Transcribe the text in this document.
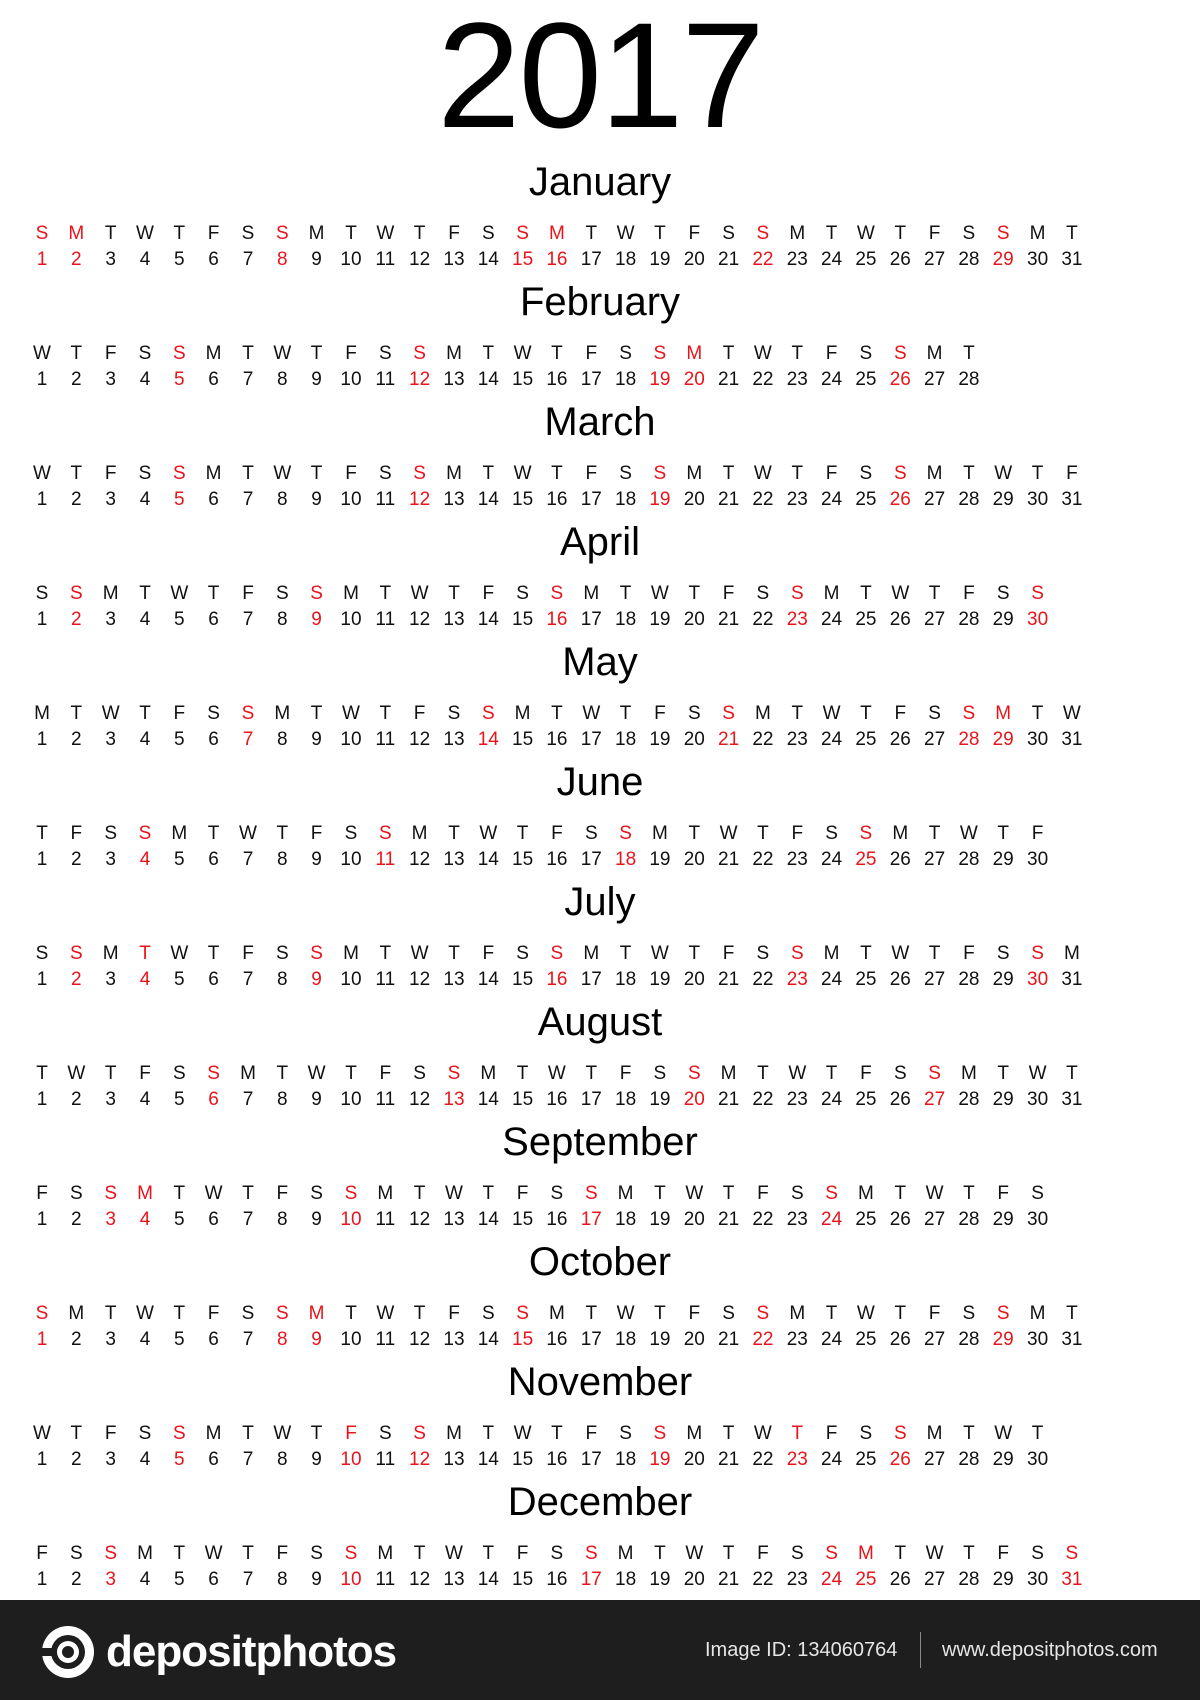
2017
January
S	M	T	W	T	F	S	S	M	T	W	T	F	S	S	M	T	W	T	F	S	S	M	T	W	T	F	S	S	M	T
1	2	3	4	5	6	7	8	9 10 11 12 13 14 15 16 17 18 19 20 21 22 23 24 25 26 27 28 29 30 31
February
W	T	F	S	S	M	T	W	T	F	S	S	M	T	W	T	F	S	S	M	T	W	T	F	S	S	M	T
1	2	3	4	5	6	7	8	9 10 11 12 13 14 15 16 17 18 19 20 21 22 23 24 25 26 27 28
March
W	T	F	S	S	M	T	W	T	F	S	S	M	T	W	T	F	S	S	M	T	W	T	F	S	S	M	T	W	T	F
1	2	3	4	5	6	7	8	9 10 11 12 13 14 15 16 17 18 19 20 21 22 23 24 25 26 27 28 29 30 31
April
S	S	M	T	W	T	F	S	S	M	T	W	T	F	S	S	M	T	W	T	F	S	S	M	T	W	T	F	S	S
1	2	3	4	5	6	7	8	9 10 11 12 13 14 15 16 17 18 19 20 21 22 23 24 25 26 27 28 29 30
May
M	T	W	T	F	S	S	M	T	W	T	F	S	S	M	T	W	T	F	S	S	M	T	W	T	F	S	S	M	T	W
1	2	3	4	5	6	7	8	9 10 11 12 13 14 15 16 17 18 19 20 21 22 23 24 25 26 27 28 29 30 31
June
T	F	S	S	M	T	W	T	F	S	S	M	T	W	T	F	S	S	M	T	W	T	F	S	S	M	T	W	T	F
1	2	3	4	5	6	7	8	9 10 11 12 13 14 15 16 17 18 19 20 21 22 23 24 25 26 27 28 29 30
July
S	S	M	T	W	T	F	S	S	M	T	W	T	F	S	S	M	T	W	T	F	S	S	M	T	W	T	F	S	S	M
1	2	3	4	5	6	7	8	9 10 11 12 13 14 15 16 17 18 19 20 21 22 23 24 25 26 27 28 29 30 31
August
T	W	T	F	S	S	M	T	W	T	F	S	S	M	T	W	T	F	S	S	M	T	W	T	F	S	S	M	T	W	T
1	2	3	4	5	6	7	8	9 10 11 12 13 14 15 16 17 18 19 20 21 22 23 24 25 26 27 28 29 30 31
September
F	S	S	M	T	W	T	F	S	S	M	T	W	T	F	S	S	M	T	W	T	F	S	S	M	T	W	T	F	S
1	2	3	4	5	6	7	8	9 10 11 12 13 14 15 16 17 18 19 20 21 22 23 24 25 26 27 28 29 30
October
S	M	T	W	T	F	S	S	M	T	W	T	F	S	S	M	T	W	T	F	S	S	M	T	W	T	F	S	S	M	T
1	2	3	4	5	6	7	8	9 10 11 12 13 14 15 16 17 18 19 20 21 22 23 24 25 26 27 28 29 30 31
November
W	T	F	S	S	M	T	W	T	F	S	S	M	T	W	T	F	S	S	M	T	W	T	F	S	S	M	T	W	T
1	2	3	4	5	6	7	8	9 10 11 12 13 14 15 16 17 18 19 20 21 22 23 24 25 26 27 28 29 30
December
F	S	S	M	T	W	T	F	S	S	M	T	W	T	F	S	S	M	T	W	T	F	S	S	M	T	W	T	F	S	S
1	2	3	4	5	6	7	8	9 10 11 12 13 14 15 16 17 18 19 20 21 22 23 24 25 26 27 28 29 30 31
depositphotos	Image ID: 134060764 www.depositphotos.com
